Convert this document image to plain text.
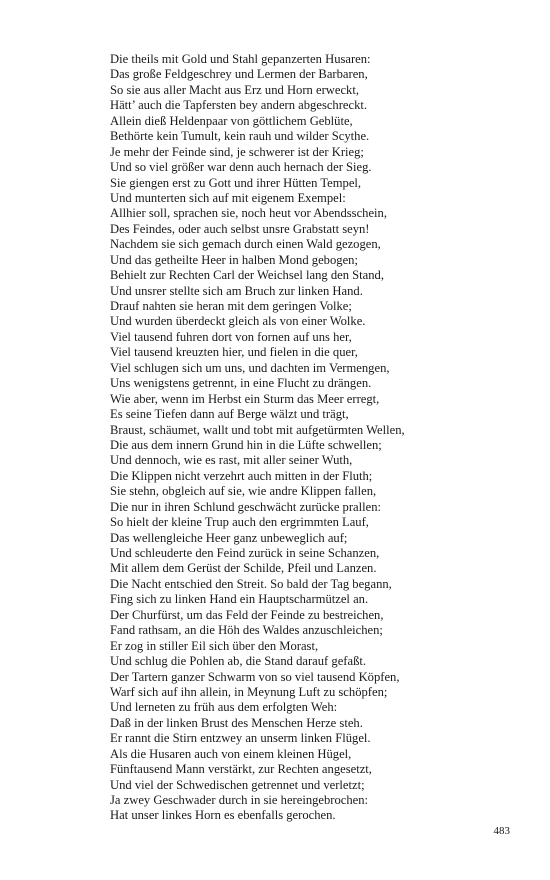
Die theils mit Gold und Stahl gepanzerten Husaren:
Das große Feldgeschrey und Lermen der Barbaren,
So sie aus aller Macht aus Erz und Horn erweckt,
Hätt’ auch die Tapfersten bey andern abgeschreckt.
Allein dieß Heldenpaar von göttlichem Geblüte,
Bethörte kein Tumult, kein rauh und wilder Scythe.
Je mehr der Feinde sind, je schwerer ist der Krieg;
Und so viel größer war denn auch hernach der Sieg.
Sie giengen erst zu Gott und ihrer Hütten Tempel,
Und munterten sich auf mit eigenem Exempel:
Allhier soll, sprachen sie, noch heut vor Abendsschein,
Des Feindes, oder auch selbst unsre Grabstatt seyn!
Nachdem sie sich gemach durch einen Wald gezogen,
Und das getheilte Heer in halben Mond gebogen;
Behielt zur Rechten Carl der Weichsel lang den Stand,
Und unsrer stellte sich am Bruch zur linken Hand.
Drauf nahten sie heran mit dem geringen Volke;
Und wurden überdeckt gleich als von einer Wolke.
Viel tausend fuhren dort von fornen auf uns her,
Viel tausend kreuzten hier, und fielen in die quer,
Viel schlugen sich um uns, und dachten im Vermengen,
Uns wenigstens getrennt, in eine Flucht zu drängen.
Wie aber, wenn im Herbst ein Sturm das Meer erregt,
Es seine Tiefen dann auf Berge wälzt und trägt,
Braust, schäumet, wallt und tobt mit aufgetürmten Wellen,
Die aus dem innern Grund hin in die Lüfte schwellen;
Und dennoch, wie es rast, mit aller seiner Wuth,
Die Klippen nicht verzehrt auch mitten in der Fluth;
Sie stehn, obgleich auf sie, wie andre Klippen fallen,
Die nur in ihren Schlund geschwächt zurücke prallen:
So hielt der kleine Trup auch den ergrimmten Lauf,
Das wellengleiche Heer ganz unbeweglich auf;
Und schleuderte den Feind zurück in seine Schanzen,
Mit allem dem Gerüst der Schilde, Pfeil und Lanzen.
Die Nacht entschied den Streit. So bald der Tag begann,
Fing sich zu linken Hand ein Hauptscharmützel an.
Der Churfürst, um das Feld der Feinde zu bestreichen,
Fand rathsam, an die Höh des Waldes anzuschleichen;
Er zog in stiller Eil sich über den Morast,
Und schlug die Pohlen ab, die Stand darauf gefaßt.
Der Tartern ganzer Schwarm von so viel tausend Köpfen,
Warf sich auf ihn allein, in Meynung Luft zu schöpfen;
Und lerneten zu früh aus dem erfolgten Weh:
Daß in der linken Brust des Menschen Herze steh.
Er rannt die Stirn entzwey an unserm linken Flügel.
Als die Husaren auch von einem kleinen Hügel,
Fünftausend Mann verstärkt, zur Rechten angesetzt,
Und viel der Schwedischen getrennet und verletzt;
Ja zwey Geschwader durch in sie hereingebrochen:
Hat unser linkes Horn es ebenfalls gerochen.
483
